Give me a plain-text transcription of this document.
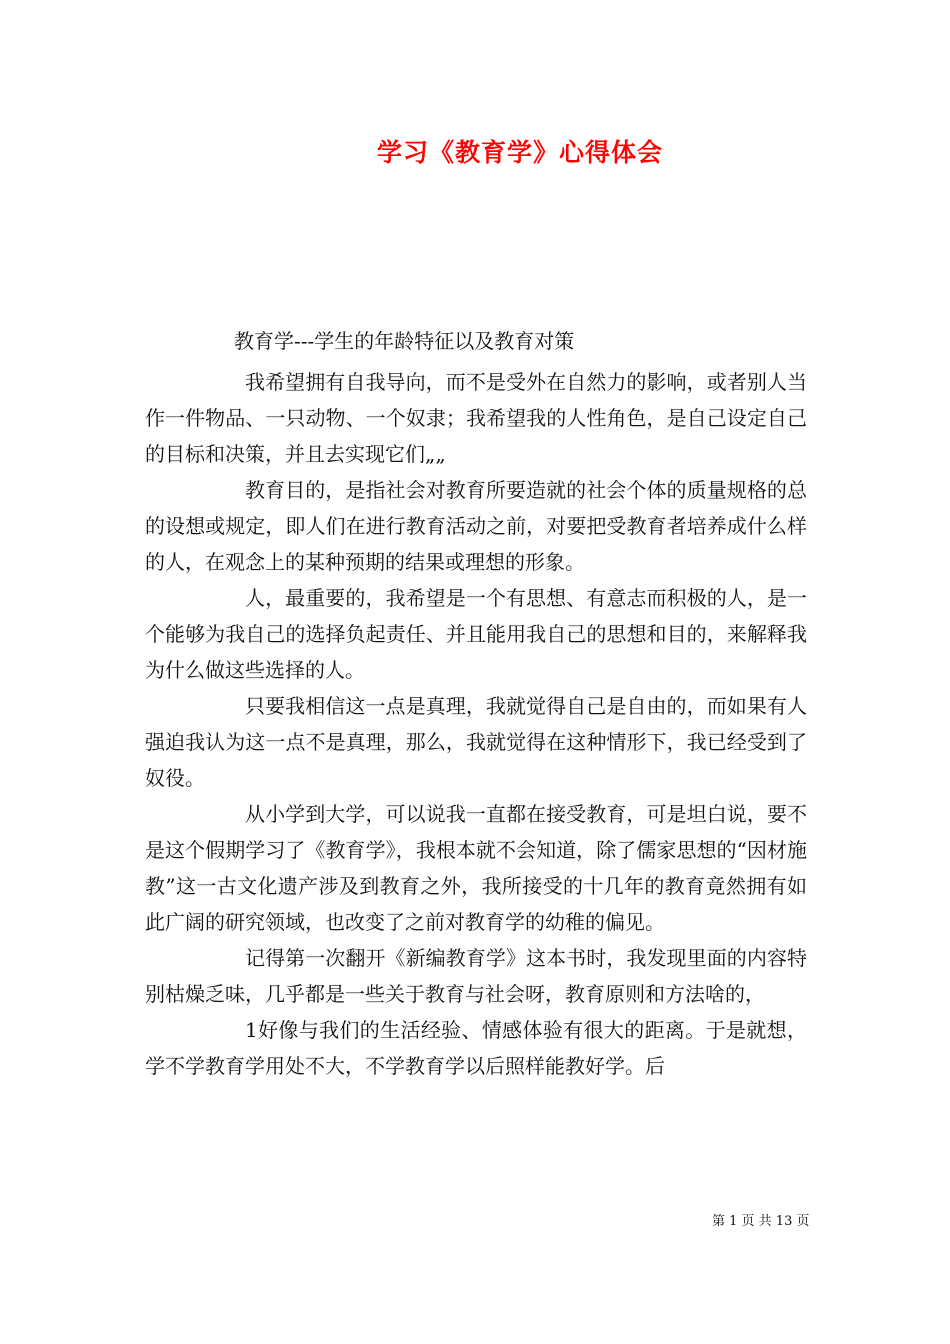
学习《教育学》心得体会
教育学---学生的年龄特征以及教育对策

我希望拥有自我导向，而不是受外在自然力的影响，或者别人当作一件物品、一只动物、一个奴隶；我希望我的人性角色，是自己设定自己的目标和决策，并且去实现它们„„

教育目的，是指社会对教育所要造就的社会个体的质量规格的总的设想或规定，即人们在进行教育活动之前，对要把受教育者培养成什么样的人，在观念上的某种预期的结果或理想的形象。

人，最重要的，我希望是一个有思想、有意志而积极的人，是一个能够为我自己的选择负起责任、并且能用我自己的思想和目的，来解释我为什么做这些选择的人。

只要我相信这一点是真理，我就觉得自己是自由的，而如果有人强迫我认为这一点不是真理，那么，我就觉得在这种情形下，我已经受到了奴役。

从小学到大学，可以说我一直都在接受教育，可是坦白说，要不是这个假期学习了《教育学》，我根本就不会知道，除了儒家思想的“因材施教”这一古文化遗产涉及到教育之外，我所接受的十几年的教育竟然拥有如此广阔的研究领域，也改变了之前对教育学的幼稚的偏见。

记得第一次翻开《新编教育学》这本书时，我发现里面的内容特别枯燥乏味，几乎都是一些关于教育与社会呀，教育原则和方法啥的，

1好像与我们的生活经验、情感体验有很大的距离。于是就想，学不学教育学用处不大，不学教育学以后照样能教好学。后

第 1 页 共 13 页
